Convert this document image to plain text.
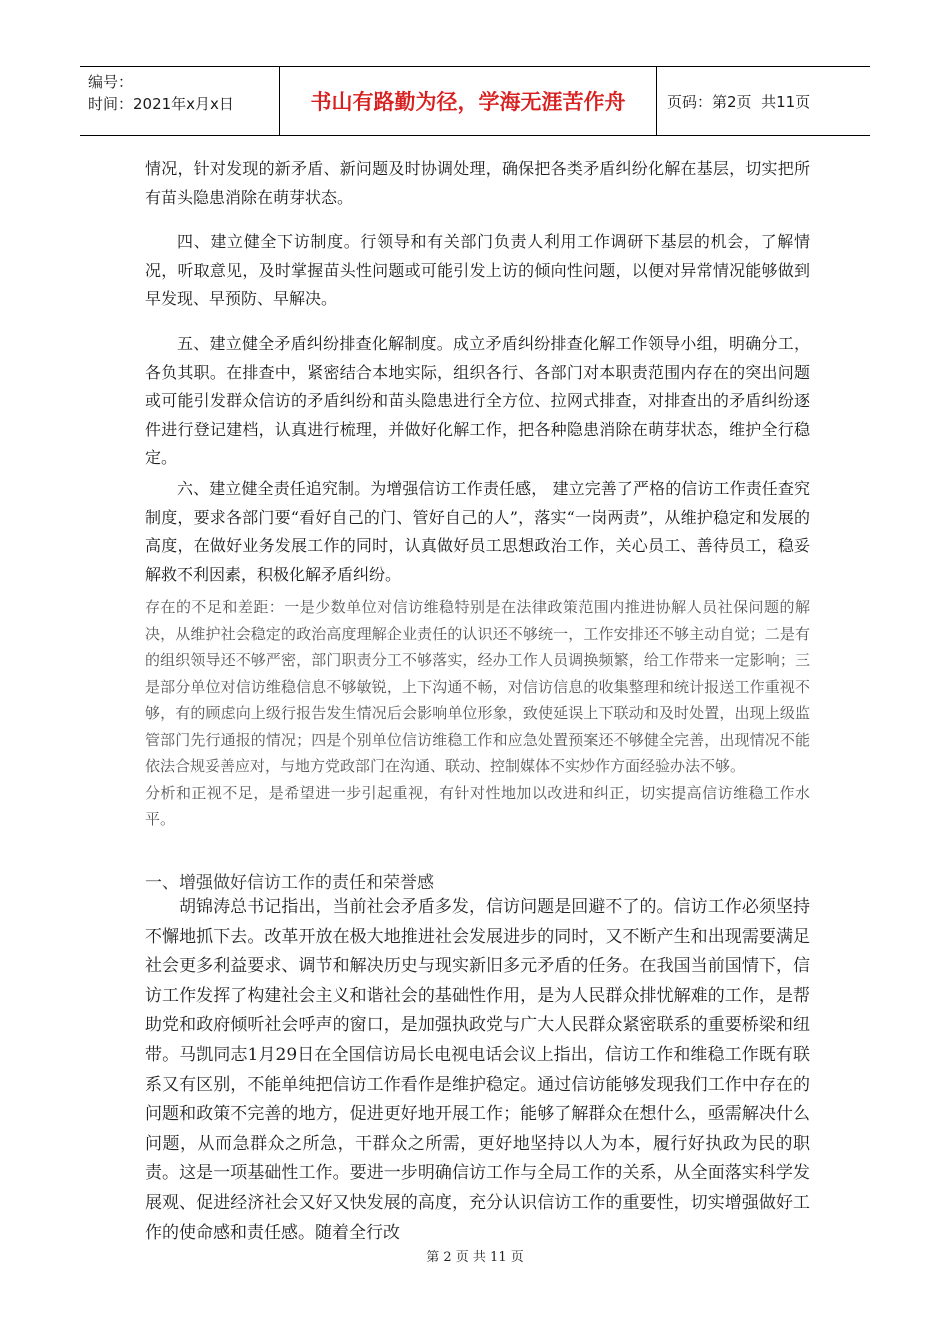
编号：
时间：2021年x月x日	书山有路勤为径，学海无涯苦作舟	页码：第2页  共11页

情况，针对发现的新矛盾、新问题及时协调处理，确保把各类矛盾纠纷化解在基层，切实把所有苗头隐患消除在萌芽状态。

四、建立健全下访制度。行领导和有关部门负责人利用工作调研下基层的机会，了解情况，听取意见，及时掌握苗头性问题或可能引发上访的倾向性问题，以便对异常情况能够做到早发现、早预防、早解决。

五、建立健全矛盾纠纷排查化解制度。成立矛盾纠纷排查化解工作领导小组，明确分工，各负其职。在排查中，紧密结合本地实际，组织各行、各部门对本职责范围内存在的突出问题或可能引发群众信访的矛盾纠纷和苗头隐患进行全方位、拉网式排查，对排查出的矛盾纠纷逐件进行登记建档，认真进行梳理，并做好化解工作，把各种隐患消除在萌芽状态，维护全行稳定。

六、建立健全责任追究制。为增强信访工作责任感， 建立完善了严格的信访工作责任查究制度，要求各部门要“看好自己的门、管好自己的人”，落实“一岗两责”，从维护稳定和发展的高度，在做好业务发展工作的同时，认真做好员工思想政治工作，关心员工、善待员工，稳妥解救不利因素，积极化解矛盾纠纷。

存在的不足和差距：一是少数单位对信访维稳特别是在法律政策范围内推进协解人员社保问题的解决，从维护社会稳定的政治高度理解企业责任的认识还不够统一，工作安排还不够主动自觉；二是有的组织领导还不够严密，部门职责分工不够落实，经办工作人员调换频繁，给工作带来一定影响；三是部分单位对信访维稳信息不够敏锐，上下沟通不畅，对信访信息的收集整理和统计报送工作重视不够，有的顾虑向上级行报告发生情况后会影响单位形象，致使延误上下联动和及时处置，出现上级监管部门先行通报的情况；四是个别单位信访维稳工作和应急处置预案还不够健全完善，出现情况不能依法合规妥善应对，与地方党政部门在沟通、联动、控制媒体不实炒作方面经验办法不够。

分析和正视不足，是希望进一步引起重视，有针对性地加以改进和纠正，切实提高信访维稳工作水平。

一、增强做好信访工作的责任和荣誉感

胡锦涛总书记指出，当前社会矛盾多发，信访问题是回避不了的。信访工作必须坚持不懈地抓下去。改革开放在极大地推进社会发展进步的同时，又不断产生和出现需要满足社会更多利益要求、调节和解决历史与现实新旧多元矛盾的任务。在我国当前国情下，信访工作发挥了构建社会主义和谐社会的基础性作用，是为人民群众排忧解难的工作，是帮助党和政府倾听社会呼声的窗口，是加强执政党与广大人民群众紧密联系的重要桥梁和纽带。马凯同志1月29日在全国信访局长电视电话会议上指出，信访工作和维稳工作既有联系又有区别，不能单纯把信访工作看作是维护稳定。通过信访能够发现我们工作中存在的问题和政策不完善的地方，促进更好地开展工作；能够了解群众在想什么，亟需解决什么问题，从而急群众之所急，干群众之所需，更好地坚持以人为本，履行好执政为民的职责。这是一项基础性工作。要进一步明确信访工作与全局工作的关系，从全面落实科学发展观、促进经济社会又好又快发展的高度，充分认识信访工作的重要性，切实增强做好工作的使命感和责任感。随着全行改

第 2 页 共 11 页
